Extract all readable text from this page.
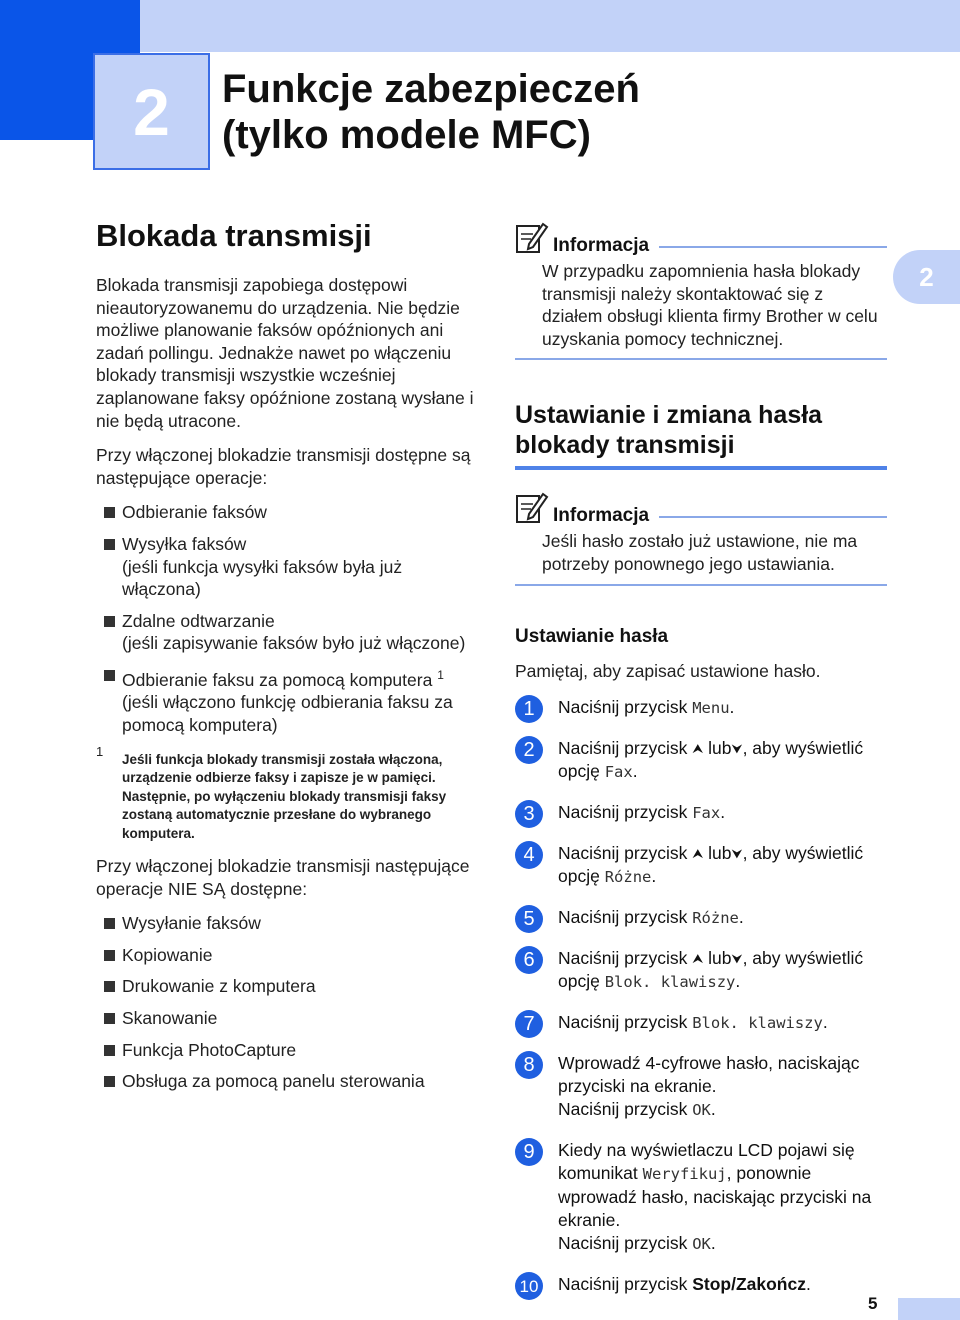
2	Funkcje zabezpieczeń
(tylko modele MFC)
2
Blokada transmisji

Blokada transmisji zapobiega dostępowi nieautoryzowanemu do urządzenia. Nie będzie możliwe planowanie faksów opóźnionych ani zadań pollingu. Jednakże nawet po włączeniu blokady transmisji wszystkie wcześniej zaplanowane faksy opóźnione zostaną wysłane i nie będą utracone.

Przy włączonej blokadzie transmisji dostępne są następujące operacje:

Odbieranie faksów
Wysyłka faksów
(jeśli funkcja wysyłki faksów była już włączona)
Zdalne odtwarzanie
(jeśli zapisywanie faksów było już włączone)
Odbieranie faksu za pomocą komputera $^1$
(jeśli włączono funkcję odbierania faksu za pomocą komputera)
1
Jeśli funkcja blokady transmisji została włączona, urządzenie odbierze faksy i zapisze je w pamięci. Następnie, po wyłączeniu blokady transmisji faksy zostaną automatycznie przesłane do wybranego komputera.

Przy włączonej blokadzie transmisji następujące operacje NIE SĄ dostępne:

Wysyłanie faksów
Kopiowanie
Drukowanie z komputera
Skanowanie
Funkcja PhotoCapture
Obsługa za pomocą panelu sterowania
Informacja
W przypadku zapomnienia hasła blokady transmisji należy skontaktować się z działem obsługi klienta firmy Brother w celu uzyskania pomocy technicznej.
Ustawianie i zmiana hasła blokady transmisji
Informacja
Jeśli hasło zostało już ustawione, nie ma potrzeby ponownego jego ustawiania.
Ustawianie hasła
Pamiętaj, aby zapisać ustawione hasło.
1	Naciśnij przycisk Menu.
2	Naciśnij przycisk ⮝ lub⮟, aby wyświetlić opcję Fax.
3	Naciśnij przycisk Fax.
4	Naciśnij przycisk ⮝ lub⮟, aby wyświetlić opcję Różne.
5	Naciśnij przycisk Różne.
6	Naciśnij przycisk ⮝ lub⮟, aby wyświetlić opcję Blok. klawiszy.
7	Naciśnij przycisk Blok. klawiszy.
8	Wprowadź 4-cyfrowe hasło, naciskając przyciski na ekranie.
Naciśnij przycisk OK.
9	Kiedy na wyświetlaczu LCD pojawi się komunikat Weryfikuj, ponownie wprowadź hasło, naciskając przyciski na ekranie.
Naciśnij przycisk OK.
10 Naciśnij przycisk Stop/Zakończ.
5
